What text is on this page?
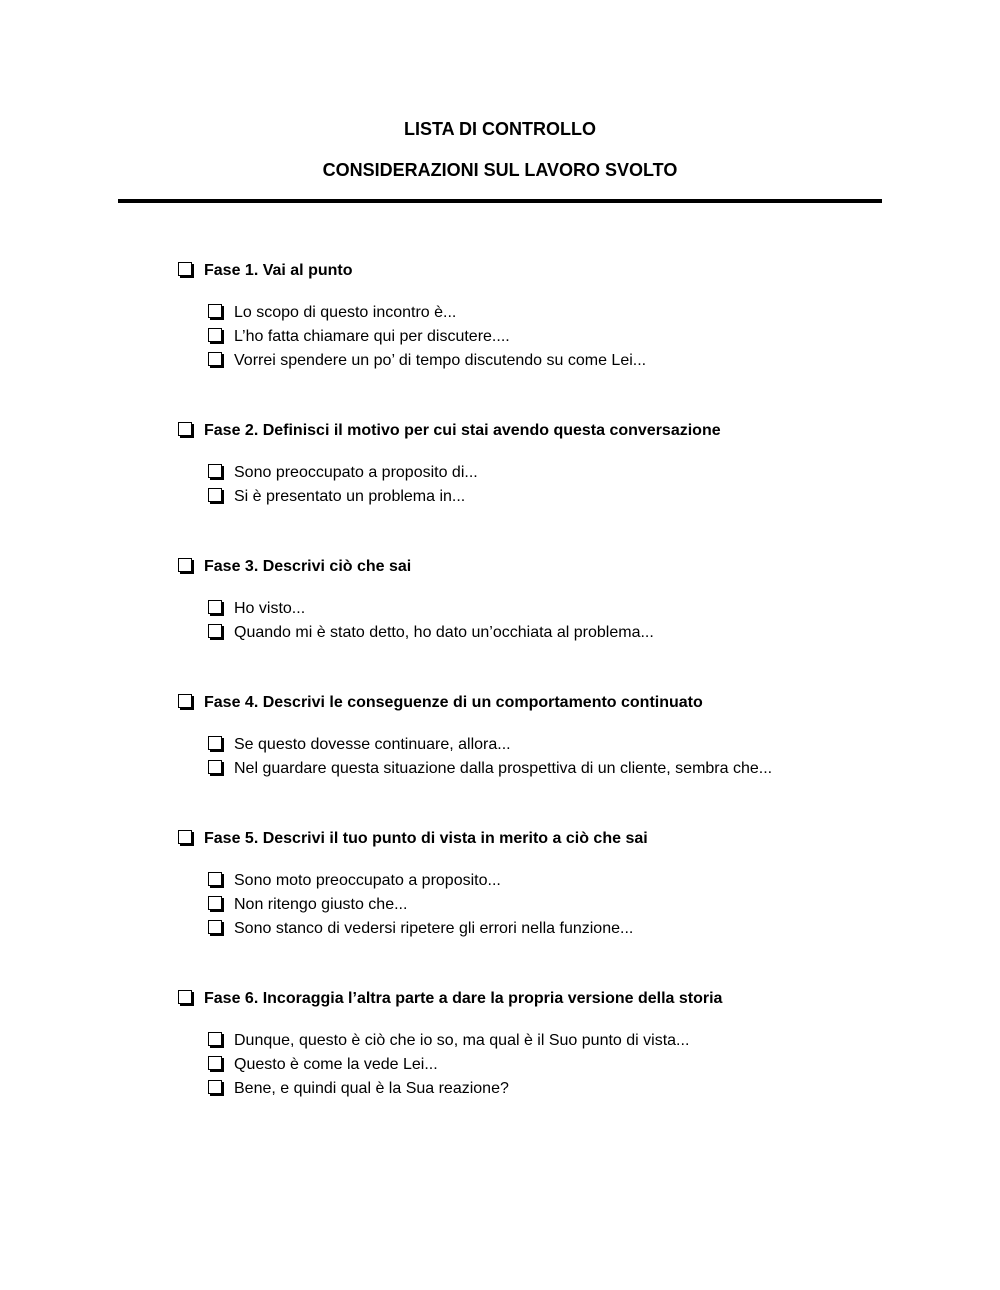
LISTA DI CONTROLLO
CONSIDERAZIONI SUL LAVORO SVOLTO
Fase 1. Vai al punto
Lo scopo di questo incontro è...
L’ho fatta chiamare qui per discutere....
Vorrei spendere un po’ di tempo discutendo su come Lei...
Fase 2. Definisci il motivo per cui stai avendo questa conversazione
Sono preoccupato a proposito di...
Si è presentato un problema in...
Fase 3. Descrivi ciò che sai
Ho visto...
Quando mi è stato detto, ho dato un’occhiata al problema...
Fase 4. Descrivi le conseguenze di un comportamento continuato
Se questo dovesse continuare, allora...
Nel guardare questa situazione dalla prospettiva di un cliente, sembra che...
Fase 5. Descrivi il tuo punto di vista in merito a ciò che sai
Sono moto preoccupato a proposito...
Non ritengo giusto che...
Sono stanco di vedersi ripetere gli errori nella funzione...
Fase 6. Incoraggia l’altra parte a dare la propria versione della storia
Dunque, questo è ciò che io so, ma qual è il Suo punto di vista...
Questo è come la vede Lei...
Bene, e quindi qual è la Sua reazione?
